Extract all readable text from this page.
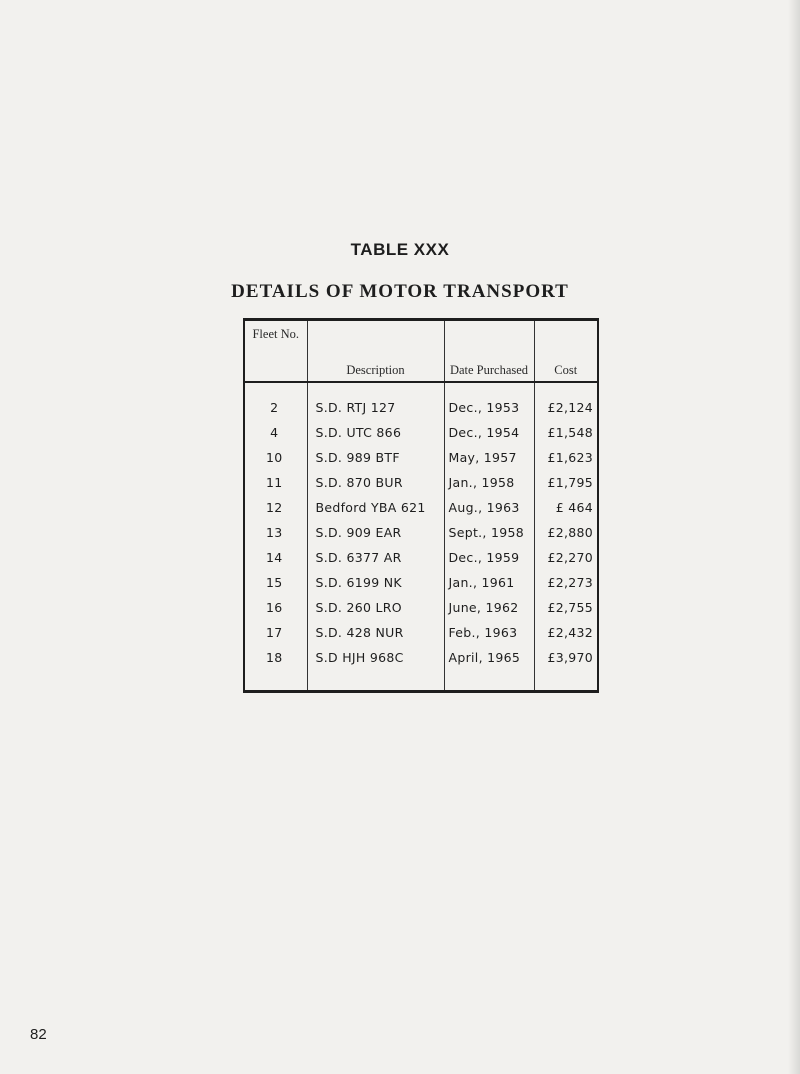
TABLE XXX
DETAILS OF MOTOR TRANSPORT
Fleet No.	Description	Date Purchased	Cost
2	S.D. RTJ 127	Dec., 1953	£2,124
4	S.D. UTC 866	Dec., 1954	£1,548
10	S.D. 989 BTF	May, 1957	£1,623
11	S.D. 870 BUR	Jan., 1958	£1,795
12	Bedford YBA 621	Aug., 1963	£ 464
13	S.D. 909 EAR	Sept., 1958	£2,880
14	S.D. 6377 AR	Dec., 1959	£2,270
15	S.D. 6199 NK	Jan., 1961	£2,273
16	S.D. 260 LRO	June, 1962	£2,755
17	S.D. 428 NUR	Feb., 1963	£2,432
18	S.D HJH 968C	April, 1965	£3,970
82
